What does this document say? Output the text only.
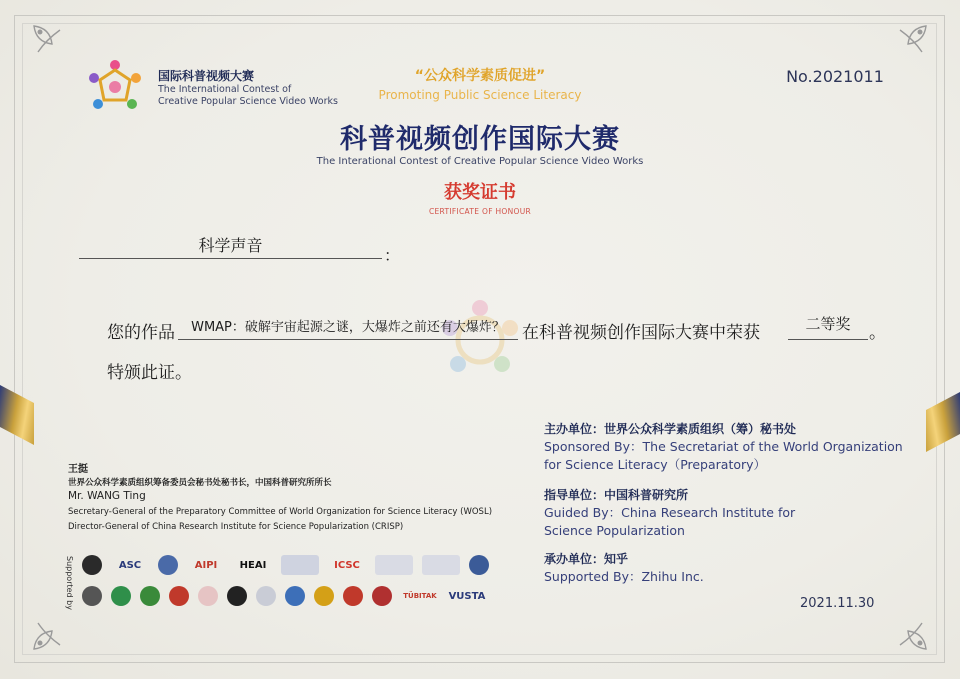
国际科普视频大赛
The International Contest of
Creative Popular Science Video Works
“公众科学素质促进”
Promoting Public Science Literacy
No.2021011
科普视频创作国际大赛
The Interational Contest of Creative Popular Science Video Works
获奖证书
CERTIFICATE OF HONOUR
科学声音
：
您的作品	WMAP：破解宇宙起源之谜，大爆炸之前还有大爆炸？	在科普视频创作国际大赛中荣获	二等奖	。
特颁此证。
王挺
世界公众科学素质组织筹备委员会秘书处秘书长，中国科普研究所所长
Mr. WANG Ting
Secretary-General of the Preparatory Committee of World Organization for Science Literacy (WOSL)
Director-General of China Research Institute for Science Popularization (CRISP)
主办单位：世界公众科学素质组织（筹）秘书处
Sponsored By：The Secretariat of the World Organization
for Science Literacy（Preparatory）
指导单位：中国科普研究所
Guided By：China Research Institute for
Science Popularization
承办单位：知乎
Supported By：Zhihu Inc.
2021.11.30
Supported by	ASC	AIPI	HEAI	ICSC
TÜBITAK VUSTA
